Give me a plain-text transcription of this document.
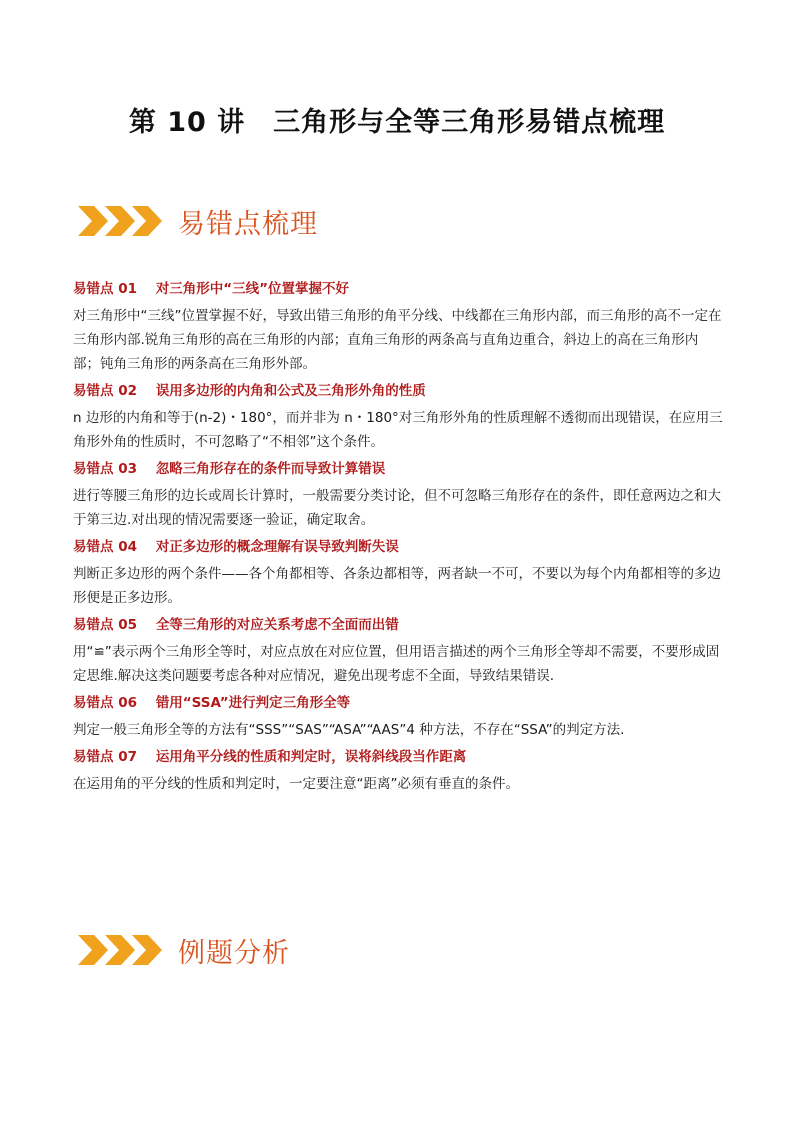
第 10 讲　三角形与全等三角形易错点梳理
易错点梳理
易错点 01 对三角形中“三线”位置掌握不好

对三角形中“三线”位置掌握不好，导致出错三角形的角平分线、中线都在三角形内部，而三角形的高不一定在三角形内部.锐角三角形的高在三角形的内部；直角三角形的两条高与直角边重合，斜边上的高在三角形内部；钝角三角形的两条高在三角形外部。

易错点 02 误用多边形的内角和公式及三角形外角的性质

n 边形的内角和等于(n-2)・180°，而并非为 n・180°对三角形外角的性质理解不透彻而出现错误，在应用三角形外角的性质时，不可忽略了“不相邻”这个条件。

易错点 03 忽略三角形存在的条件而导致计算错误

进行等腰三角形的边长或周长计算时，一般需要分类讨论，但不可忽略三角形存在的条件，即任意两边之和大于第三边.对出现的情况需要逐一验证，确定取舍。

易错点 04 对正多边形的概念理解有误导致判断失误

判断正多边形的两个条件——各个角都相等、各条边都相等，两者缺一不可，不要以为每个内角都相等的多边形便是正多边形。

易错点 05 全等三角形的对应关系考虑不全面而出错

用“≌”表示两个三角形全等时，对应点放在对应位置，但用语言描述的两个三角形全等却不需要，不要形成固定思维.解决这类问题要考虑各种对应情况，避免出现考虑不全面，导致结果错误.

易错点 06 错用“SSA”进行判定三角形全等

判定一般三角形全等的方法有“SSS”“SAS”“ASA”“AAS”4 种方法，不存在“SSA”的判定方法.

易错点 07 运用角平分线的性质和判定时，误将斜线段当作距离

在运用角的平分线的性质和判定时，一定要注意“距离”必须有垂直的条件。

例题分析
